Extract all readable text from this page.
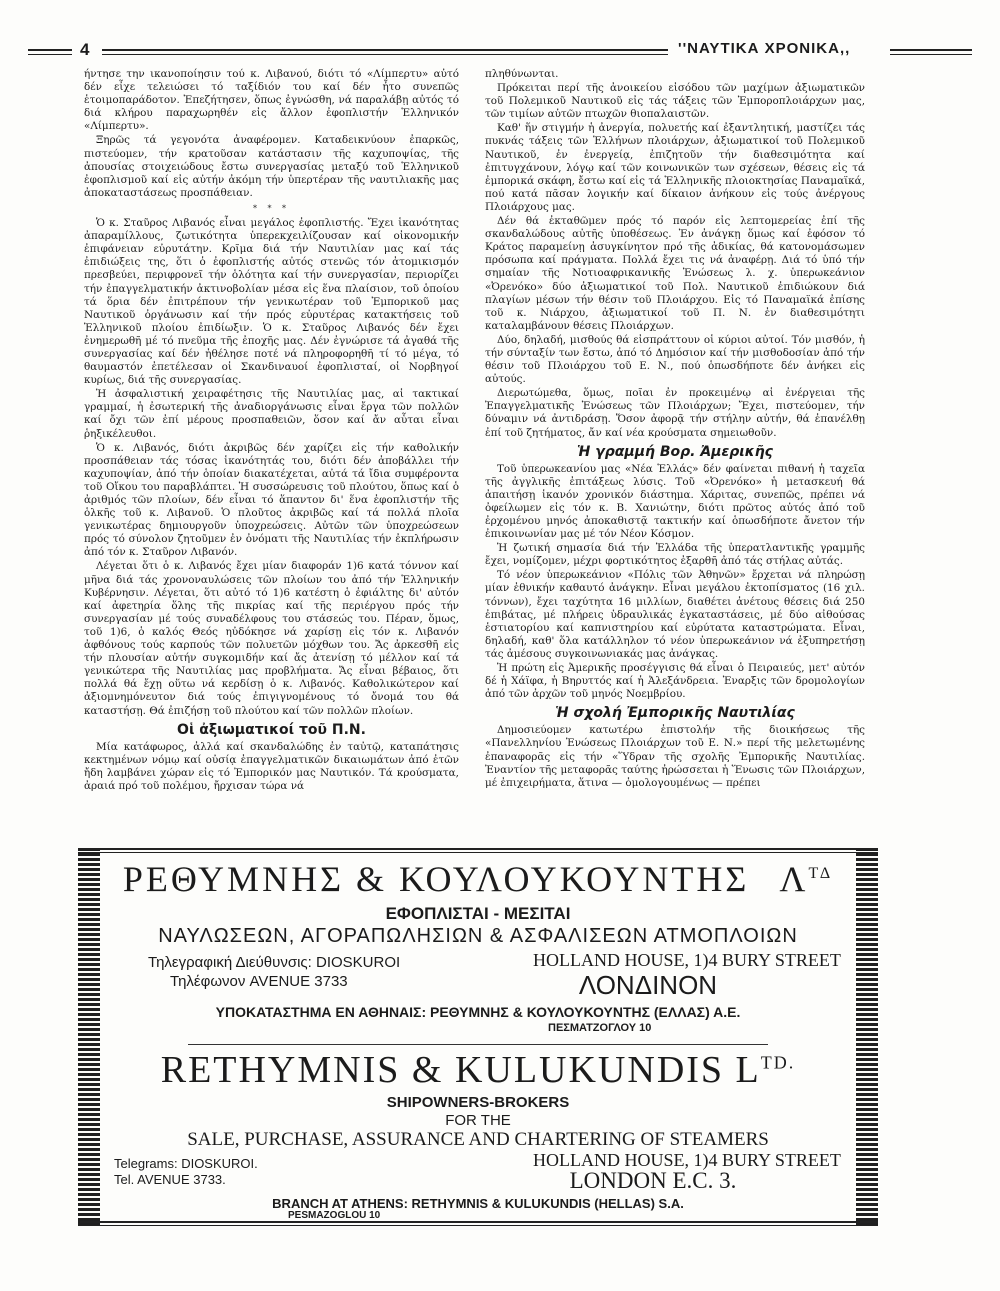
4	''ΝΑΥΤΙΚΑ ΧΡΟΝΙΚΑ,,

ήντησε την ικανοποίησιν τού κ. Λιβανού, διότι τό «Λίμπερτυ» αὐτό δέν εἶχε τελειώσει τό ταξίδιόν του καί δέν ἦτο συνεπῶς ἑτοιμοπαράδοτον. Ἐπεζήτησεν, ὅπως ἐγνώσθη, νά παραλάβῃ αὐτός τό διά κλήρου παραχωρηθέν εἰς ἄλλον ἐφοπλιστήν Ἑλληνικόν «Λίμπερτυ».

Ξηρῶς τά γεγονότα ἀναφέρομεν. Καταδεικνύουν ἐπαρκῶς, πιστεύομεν, τήν κρατοῦσαν κατάστασιν τῆς καχυποψίας, τῆς ἀπουσίας στοιχειώδους ἔστω συνεργασίας μεταξύ τοῦ Ἑλληνικοῦ ἐφοπλισμοῦ καί εἰς αὐτήν ἀκόμη τήν ὑπερτέραν τῆς ναυτιλιακῆς μας ἀποκαταστάσεως προσπάθειαν.

* * *

Ὁ κ. Σταῦρος Λιβανός εἶναι μεγάλος ἐφοπλιστής. Ἔχει ἱκανότητας ἀπαραμίλλους, ζωτικότητα ὑπερεκχειλίζουσαν καί οἰκονομικήν ἐπιφάνειαν εὐρυτάτην. Κρῖμα διά τήν Ναυτιλίαν μας καί τάς ἐπιδιώξεις της, ὅτι ὁ ἐφοπλιστής αὐτός στενῶς τόν ἀτομικισμόν πρεσβεύει, περιφρονεῖ τήν ὁλότητα καί τήν συνεργασίαν, περιορίζει τήν ἐπαγγελματικήν ἀκτινοβολίαν μέσα εἰς ἕνα πλαίσιον, τοῦ ὁποίου τά ὅρια δέν ἐπιτρέπουν τήν γενικωτέραν τοῦ Ἐμπορικοῦ μας Ναυτικοῦ ὀργάνωσιν καί τήν πρός εὐρυτέρας κατακτήσεις τοῦ Ἑλληνικοῦ πλοίου ἐπιδίωξιν. Ὁ κ. Σταῦρος Λιβανός δέν ἔχει ἐνημερωθῆ μέ τό πνεῦμα τῆς ἐποχῆς μας. Δέν ἐγνώρισε τά ἀγαθά τῆς συνεργασίας καί δέν ἠθέλησε ποτέ νά πληροφορηθῆ τί τό μέγα, τό θαυμαστόν ἐπετέλεσαν οἱ Σκανδιναυοί ἐφοπλισταί, οἱ Νορβηγοί κυρίως, διά τῆς συνεργασίας.

Ἡ ἀσφαλιστική χειραφέτησις τῆς Ναυτιλίας μας, αἱ τακτικαί γραμμαί, ἡ ἐσωτερική τῆς ἀναδιοργάνωσις εἶναι ἔργα τῶν πολλῶν καί ὄχι τῶν ἐπί μέρους προσπαθειῶν, ὅσον καί ἄν αὗται εἶναι ῥηξικέλευθοι.

Ὁ κ. Λιβανός, διότι ἀκριβῶς δέν χαρίζει εἰς τήν καθολικήν προσπάθειαν τάς τόσας ἱκανότητάς του, διότι δέν ἀποβάλλει τήν καχυποψίαν, ἀπό τήν ὁποίαν διακατέχεται, αὐτά τά ἴδια συμφέροντα τοῦ Οἴκου του παραβλάπτει. Ἡ συσσώρευσις τοῦ πλούτου, ὅπως καί ὁ ἀριθμός τῶν πλοίων, δέν εἶναι τό ἅπαντον δι' ἕνα ἐφοπλιστήν τῆς ὁλκῆς τοῦ κ. Λιβανοῦ. Ὁ πλοῦτος ἀκριβῶς καί τά πολλά πλοῖα γενικωτέρας δημιουργοῦν ὑποχρεώσεις. Αὐτῶν τῶν ὑποχρεώσεων πρός τό σύνολον ζητοῦμεν ἐν ὀνόματι τῆς Ναυτιλίας τήν ἐκπλήρωσιν ἀπό τόν κ. Σταῦρον Λιβανόν.

Λέγεται ὅτι ὁ κ. Λιβανός ἔχει μίαν διαφοράν 1)6 κατά τόννον καί μῆνα διά τάς χρονοναυλώσεις τῶν πλοίων του ἀπό τήν Ἑλληνικήν Κυβέρνησιν. Λέγεται, ὅτι αὐτό τό 1)6 κατέστη ὁ ἐφιάλτης δι' αὐτόν καί ἀφετηρία ὅλης τῆς πικρίας καί τῆς περιέργου πρός τήν συνεργασίαν μέ τούς συναδέλφους του στάσεώς του. Πέραν, ὅμως, τοῦ 1)6, ὁ καλός Θεός ηὐδόκησε νά χαρίσῃ εἰς τόν κ. Λιβανόν ἀφθόνους τούς καρπούς τῶν πολυετῶν μόχθων του. Ἄς ἀρκεσθῆ εἰς τήν πλουσίαν αὐτήν συγκομιδήν καί ἄς ἀτενίσῃ τό μέλλον καί τά γενικώτερα τῆς Ναυτιλίας μας προβλήματα. Ἄς εἶναι βέβαιος, ὅτι πολλά θά ἔχῃ οὕτω νά κερδίσῃ ὁ κ. Λιβανός. Καθολικώτερον καί ἀξιομνημόνευτον διά τούς ἐπιγιγνομένους τό ὄνομά του θά καταστήσῃ. Θά ἐπιζήσῃ τοῦ πλούτου καί τῶν πολλῶν πλοίων.

Οἱ ἀξιωματικοί τοῦ Π.Ν.

Μία κατάφωρος, ἀλλά καί σκανδαλώδης ἐν ταὐτῷ, καταπάτησις κεκτημένων νόμῳ καί οὐσίᾳ ἐπαγγελματικῶν δικαιωμάτων ἀπό ἐτῶν ἤδη λαμβάνει χώραν εἰς τό Ἐμπορικόν μας Ναυτικόν. Τά κρούσματα, ἀραιά πρό τοῦ πολέμου, ἤρχισαν τώρα νά

πληθύνωνται.

Πρόκειται περί τῆς ἀνοικείου εἰσόδου τῶν μαχίμων ἀξιωματικῶν τοῦ Πολεμικοῦ Ναυτικοῦ εἰς τάς τάξεις τῶν Ἐμποροπλοιάρχων μας, τῶν τιμίων αὐτῶν πτωχῶν θιοπαλαιστῶν.

Καθ' ἥν στιγμήν ἡ ἀνεργία, πολυετής καί ἐξαντλητική, μαστίζει τάς πυκνάς τάξεις τῶν Ἑλλήνων πλοιάρχων, ἀξιωματικοί τοῦ Πολεμικοῦ Ναυτικοῦ, ἐν ἐνεργείᾳ, ἐπιζητοῦν τήν διαθεσιμότητα καί ἐπιτυγχάνουν, λόγῳ καί τῶν κοινωνικῶν των σχέσεων, θέσεις εἰς τά ἐμπορικά σκάφη, ἔστω καί εἰς τά Ἑλληνικῆς πλοιοκτησίας Παναμαϊκά, πού κατά πᾶσαν λογικήν καί δίκαιον ἀνήκουν εἰς τούς ἀνέργους Πλοιάρχους μας.

Δέν θά ἐκταθῶμεν πρός τό παρόν εἰς λεπτομερείας ἐπί τῆς σκανδαλώδους αὐτῆς ὑποθέσεως. Ἐν ἀνάγκῃ ὅμως καί ἐφόσον τό Κράτος παραμείνῃ ἀσυγκίνητον πρό τῆς ἀδικίας, θά κατονομάσωμεν πρόσωπα καί πράγματα. Πολλά ἔχει τις νά ἀναφέρῃ. Διά τό ὑπό τήν σημαίαν τῆς Νοτιοαφρικανικῆς Ἑνώσεως λ. χ. ὑπερωκεάνιον «Ὀρενόκο» δύο ἀξιωματικοί τοῦ Πολ. Ναυτικοῦ ἐπιδιώκουν διά πλαγίων μέσων τήν θέσιν τοῦ Πλοιάρχου. Εἰς τό Παναμαϊκά ἐπίσης τοῦ κ. Νιάρχου, ἀξιωματικοί τοῦ Π. Ν. ἐν διαθεσιμότητι καταλαμβάνουν θέσεις Πλοιάρχων.

Δύο, δηλαδή, μισθούς θά εἰσπράττουν οἱ κύριοι αὐτοί. Τόν μισθόν, ἡ τήν σύνταξίν των ἔστω, ἀπό τό Δημόσιον καί τήν μισθοδοσίαν ἀπό τήν θέσιν τοῦ Πλοιάρχου τοῦ Ε. Ν., πού ὁπωσδήποτε δέν ἀνήκει εἰς αὐτούς.

Διερωτώμεθα, ὅμως, ποῖαι ἐν προκειμένῳ αἱ ἐνέργειαι τῆς Ἐπαγγελματικῆς Ἑνώσεως τῶν Πλοιάρχων; Ἔχει, πιστεύομεν, τήν δύναμιν νά ἀντιδράσῃ. Ὅσον ἀφορᾷ τήν στήλην αὐτήν, θά ἐπανέλθῃ ἐπί τοῦ ζητήματος, ἄν καί νέα κρούσματα σημειωθοῦν.

Ἡ γραμμή Βορ. Ἀμερικῆς

Τοῦ ὑπερωκεανίου μας «Νέα Ἑλλάς» δέν φαίνεται πιθανή ἡ ταχεῖα τῆς ἀγγλικῆς ἐπιτάξεως λύσις. Τοῦ «Ὀρενόκο» ἡ μετασκευή θά ἀπαιτήσῃ ἱκανόν χρονικόν διάστημα. Χάριτας, συνεπῶς, πρέπει νά ὀφείλωμεν εἰς τόν κ. Β. Χανιώτην, διότι πρῶτος αὐτός ἀπό τοῦ ἐρχομένου μηνός ἀποκαθιστᾷ τακτικήν καί ὁπωσδήποτε ἄνετον τήν ἐπικοινωνίαν μας μέ τόν Νέον Κόσμον.

Ἡ ζωτική σημασία διά τήν Ἑλλάδα τῆς ὑπερατλαντικῆς γραμμῆς ἔχει, νομίζομεν, μέχρι φορτικότητος ἐξαρθῆ ἀπό τάς στήλας αὐτάς.

Τό νέον ὑπερωκεάνιον «Πόλις τῶν Ἀθηνῶν» ἔρχεται νά πληρώσῃ μίαν ἐθνικήν καθαυτό ἀνάγκην. Εἶναι μεγάλου ἐκτοπίσματος (16 χιλ. τόννων), ἔχει ταχύτητα 16 μιλλίων, διαθέτει ἀνέτους θέσεις διά 250 ἐπιβάτας, μέ πλήρεις ὑδραυλικάς ἐγκαταστάσεις, μέ δύο αἰθούσας ἑστιατορίου καί καπνιστηρίου καί εὐρύτατα καταστρώματα. Εἶναι, δηλαδή, καθ' ὅλα κατάλληλον τό νέον ὑπερωκεάνιον νά ἐξυπηρετήσῃ τάς ἀμέσους συγκοινωνιακάς μας ἀνάγκας.

Ἡ πρώτη εἰς Ἀμερικῆς προσέγγισις θά εἶναι ὁ Πειραιεύς, μετ' αὐτόν δέ ἡ Χάϊφα, ἡ Βηρυττός καί ἡ Ἀλεξάνδρεια. Ἐναρξις τῶν δρομολογίων ἀπό τῶν ἀρχῶν τοῦ μηνός Νοεμβρίου.

Ἡ σχολή Ἐμπορικῆς Ναυτιλίας

Δημοσιεύομεν κατωτέρω ἐπιστολήν τῆς διοικήσεως τῆς «Πανελληνίου Ἑνώσεως Πλοιάρχων τοῦ Ε. Ν.» περί τῆς μελετωμένης ἐπαναφορᾶς εἰς τήν «Ὕδραν τῆς σχολῆς Ἐμπορικῆς Ναυτιλίας. Ἐναντίον τῆς μεταφορᾶς ταύτης ἠρώσσεται ἡ Ἕνωσις τῶν Πλοιάρχων, μέ ἐπιχειρήματα, ἅτινα — ὁμολογουμένως — πρέπει

ΡΕΘΥΜΝΗΣ & ΚΟΥΛΟΥΚΟΥΝΤΗΣ $\Lambda^{T\Delta}$
ΕΦΟΠΛΙΣΤΑΙ - ΜΕΣΙΤΑΙ
ΝΑΥΛΩΣΕΩΝ, ΑΓΟΡΑΠΩΛΗΣΙΩΝ & ΑΣΦΑΛΙΣΕΩΝ ΑΤΜΟΠΛΟΙΩΝ
Τηλεγραφική Διεύθυνσις: DIOSKUROI
Τηλέφωνον AVENUE 3733
HOLLAND HOUSE, 1)4 BURY STREET
ΛΟΝΔΙΝΟΝ
ΥΠΟΚΑΤΑΣΤΗΜΑ ΕΝ ΑΘΗΝΑΙΣ: ΡΕΘΥΜΝΗΣ & ΚΟΥΛΟΥΚΟΥΝΤΗΣ (ΕΛΛΑΣ) Α.Ε.
ΠΕΣΜΑΤΖΟΓΛΟΥ 10
RETHYMNIS & KULUKUNDIS $L^{TD.}$
SHIPOWNERS-BROKERS
FOR THE
SALE, PURCHASE, ASSURANCE AND CHARTERING OF STEAMERS
Telegrams: DIOSKUROI.
Tel. AVENUE 3733.
HOLLAND HOUSE, 1)4 BURY STREET
LONDON E.C. 3.
BRANCH AT ATHENS: RETHYMNIS & KULUKUNDIS (HELLAS) S.A.
PESMAZOGLOU 10
